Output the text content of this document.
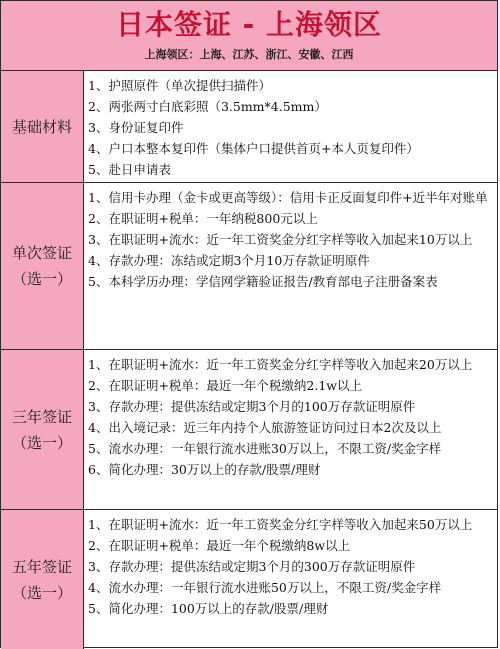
日本签证 - 上海领区
上海领区：上海、江苏、浙江、安徽、江西
基础材料

1、护照原件（单次提供扫描件）

2、两张两寸白底彩照（3.5mm*4.5mm）

3、身份证复印件

4、户口本整本复印件（集体户口提供首页+本人页复印件）

5、赴日申请表

单次签证
（选一）

1、信用卡办理（金卡或更高等级）：信用卡正反面复印件+近半年对账单

2、在职证明+税单：一年纳税800元以上

3、在职证明+流水：近一年工资奖金分红字样等收入加起来10万以上

4、存款办理：冻结或定期3个月10万存款证明原件

5、本科学历办理：学信网学籍验证报告/教育部电子注册备案表

三年签证
（选一）

1、在职证明+流水：近一年工资奖金分红字样等收入加起来20万以上

2、在职证明+税单：最近一年个税缴纳2.1w以上

3、存款办理：提供冻结或定期3个月的100万存款证明原件

4、出入境记录：近三年内持个人旅游签证访问过日本2次及以上

5、流水办理：一年银行流水进账30万以上，不限工资/奖金字样

6、简化办理：30万以上的存款/股票/理财

五年签证
（选一）

1、在职证明+流水：近一年工资奖金分红字样等收入加起来50万以上

2、在职证明+税单：最近一年个税缴纳8w以上

3、存款办理：提供冻结或定期3个月的300万存款证明原件

4、流水办理：一年银行流水进账50万以上，不限工资/奖金字样

5、简化办理：100万以上的存款/股票/理财
